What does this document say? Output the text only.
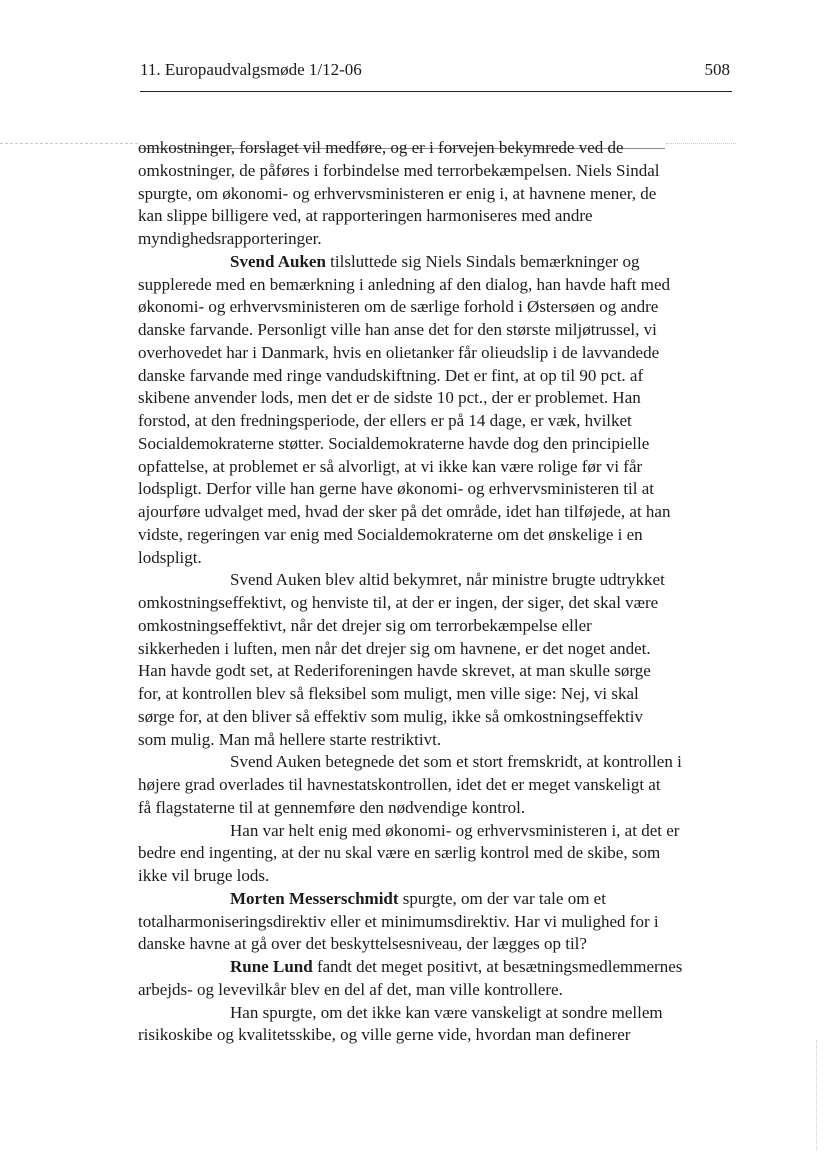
11. Europaudvalgsmøde 1/12-06	508
omkostninger, forslaget vil medføre, og er i forvejen bekymrede ved de
omkostninger, de påføres i forbindelse med terrorbekæmpelsen. Niels Sindal
spurgte, om økonomi- og erhvervsministeren er enig i, at havnene mener, de
kan slippe billigere ved, at rapporteringen harmoniseres med andre
myndighedsrapporteringer.
Svend Auken tilsluttede sig Niels Sindals bemærkninger og
supplerede med en bemærkning i anledning af den dialog, han havde haft med
økonomi- og erhvervsministeren om de særlige forhold i Østersøen og andre
danske farvande. Personligt ville han anse det for den største miljøtrussel, vi
overhovedet har i Danmark, hvis en olietanker får olieudslip i de lavvandede
danske farvande med ringe vandudskiftning. Det er fint, at op til 90 pct. af
skibene anvender lods, men det er de sidste 10 pct., der er problemet. Han
forstod, at den fredningsperiode, der ellers er på 14 dage, er væk, hvilket
Socialdemokraterne støtter. Socialdemokraterne havde dog den principielle
opfattelse, at problemet er så alvorligt, at vi ikke kan være rolige før vi får
lodspligt. Derfor ville han gerne have økonomi- og erhvervsministeren til at
ajourføre udvalget med, hvad der sker på det område, idet han tilføjede, at han
vidste, regeringen var enig med Socialdemokraterne om det ønskelige i en
lodspligt.
Svend Auken blev altid bekymret, når ministre brugte udtrykket
omkostningseffektivt, og henviste til, at der er ingen, der siger, det skal være
omkostningseffektivt, når det drejer sig om terrorbekæmpelse eller
sikkerheden i luften, men når det drejer sig om havnene, er det noget andet.
Han havde godt set, at Rederiforeningen havde skrevet, at man skulle sørge
for, at kontrollen blev så fleksibel som muligt, men ville sige: Nej, vi skal
sørge for, at den bliver så effektiv som mulig, ikke så omkostningseffektiv
som mulig. Man må hellere starte restriktivt.
Svend Auken betegnede det som et stort fremskridt, at kontrollen i
højere grad overlades til havnestatskontrollen, idet det er meget vanskeligt at
få flagstaterne til at gennemføre den nødvendige kontrol.
Han var helt enig med økonomi- og erhvervsministeren i, at det er
bedre end ingenting, at der nu skal være en særlig kontrol med de skibe, som
ikke vil bruge lods.
Morten Messerschmidt spurgte, om der var tale om et
totalharmoniseringsdirektiv eller et minimumsdirektiv. Har vi mulighed for i
danske havne at gå over det beskyttelsesniveau, der lægges op til?
Rune Lund fandt det meget positivt, at besætningsmedlemmernes
arbejds- og levevilkår blev en del af det, man ville kontrollere.
Han spurgte, om det ikke kan være vanskeligt at sondre mellem
risikoskibe og kvalitetsskibe, og ville gerne vide, hvordan man definerer
